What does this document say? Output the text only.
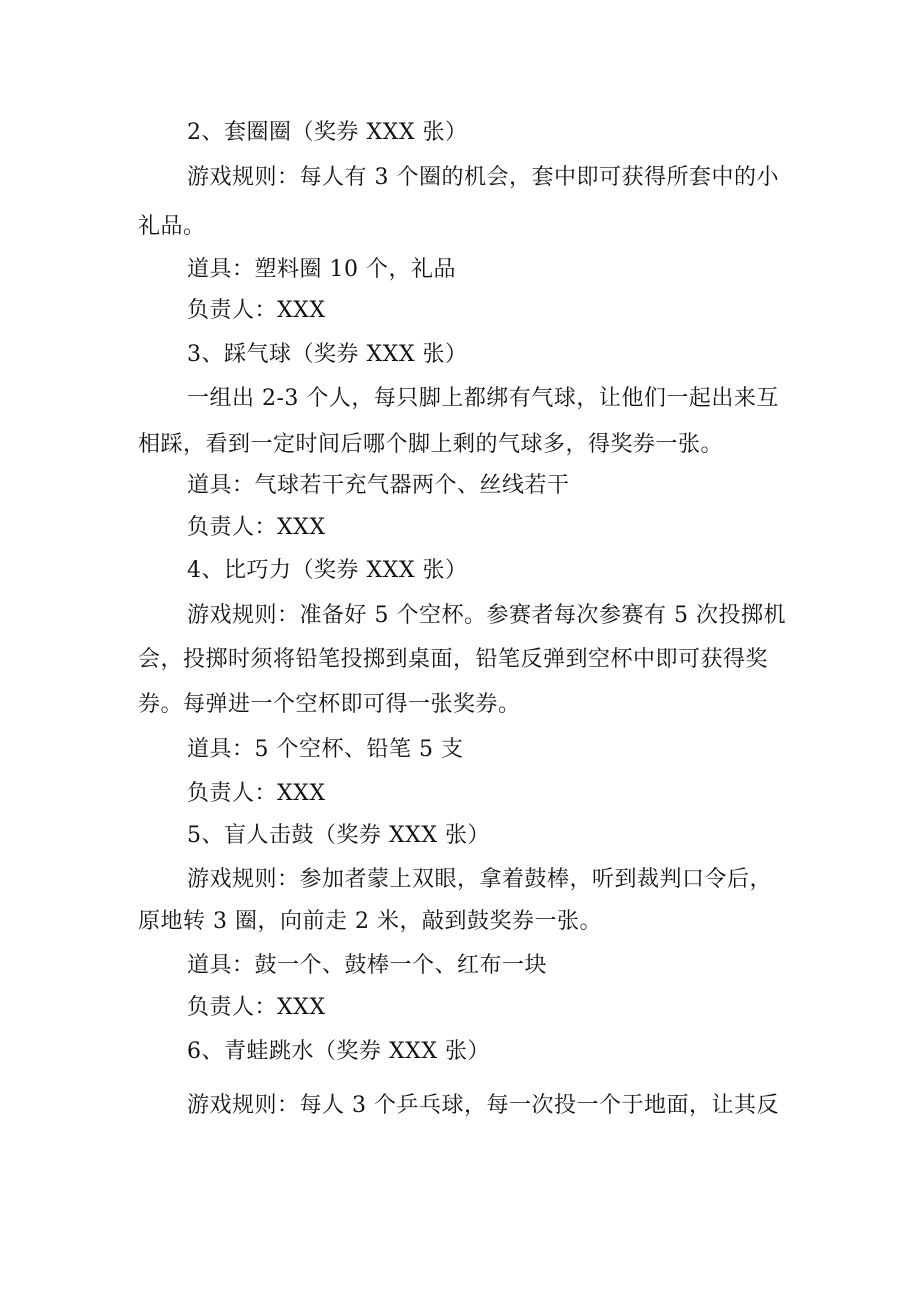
2、套圈圈（奖券 XXX 张）
游戏规则：每人有 3 个圈的机会，套中即可获得所套中的小
礼品。
道具：塑料圈 10 个，礼品
负责人：XXX
3、踩气球（奖券 XXX 张）
一组出 2-3 个人，每只脚上都绑有气球，让他们一起出来互
相踩，看到一定时间后哪个脚上剩的气球多，得奖券一张。
道具：气球若干充气器两个、丝线若干
负责人：XXX
4、比巧力（奖券 XXX 张）
游戏规则：准备好 5 个空杯。参赛者每次参赛有 5 次投掷机
会，投掷时须将铅笔投掷到桌面，铅笔反弹到空杯中即可获得奖
券。每弹进一个空杯即可得一张奖券。
道具：5 个空杯、铅笔 5 支
负责人：XXX
5、盲人击鼓（奖券 XXX 张）
游戏规则：参加者蒙上双眼，拿着鼓棒，听到裁判口令后，
原地转 3 圈，向前走 2 米，敲到鼓奖券一张。
道具：鼓一个、鼓棒一个、红布一块
负责人：XXX
6、青蛙跳水（奖券 XXX 张）
游戏规则：每人 3 个乒乓球，每一次投一个于地面，让其反
